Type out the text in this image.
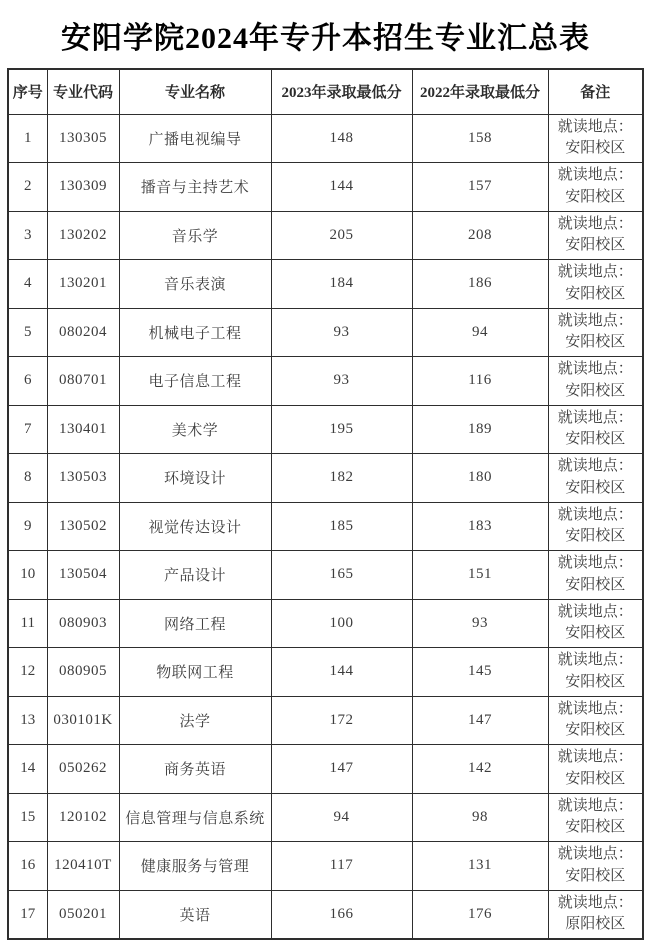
安阳学院2024年专升本招生专业汇总表
序号	专业代码	专业名称	2023年录取最低分	2022年录取最低分	备注
1	130305	广播电视编导	148	158	就读地点：
安阳校区

2	130309	播音与主持艺术	144	157	就读地点：
安阳校区

3	130202	音乐学	205	208	就读地点：
安阳校区

4	130201	音乐表演	184	186	就读地点：
安阳校区

5	080204	机械电子工程	93	94	就读地点：
安阳校区

6	080701	电子信息工程	93	116	就读地点：
安阳校区

7	130401	美术学	195	189	就读地点：
安阳校区

8	130503	环境设计	182	180	就读地点：
安阳校区

9	130502	视觉传达设计	185	183	就读地点：
安阳校区

10	130504	产品设计	165	151	就读地点：
安阳校区

11	080903	网络工程	100	93	就读地点：
安阳校区

12	080905	物联网工程	144	145	就读地点：
安阳校区

13	030101K	法学	172	147	就读地点：
安阳校区

14	050262	商务英语	147	142	就读地点：
安阳校区

15	120102	信息管理与信息系统	94	98	就读地点：
安阳校区

16	120410T	健康服务与管理	117	131	就读地点：
安阳校区

17	050201	英语	166	176	就读地点：
原阳校区
